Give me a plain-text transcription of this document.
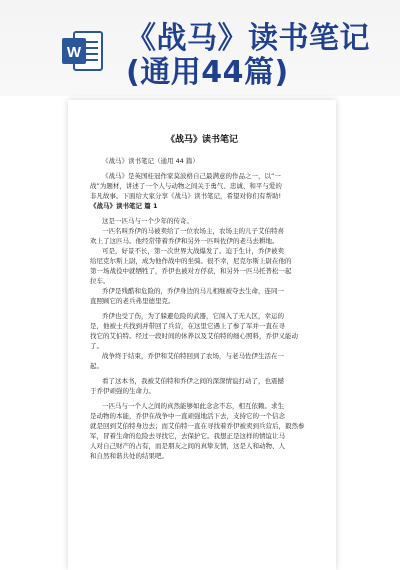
W 《战马》读书笔记
(通用44篇)
《战马》读书笔记
《战马》读书笔记（通用 44 篇）
《战马》是英国桂冠作家莫波格自己最满意的作品之一，以“一
战”为题材，讲述了一个人与动物之间关于勇气、忠诚、和平与爱的
非凡故事。下面给大家分享《战马》读书笔记，希望对你们有帮助!
《战马》读书笔记 篇 1
这是一匹马与一个少年的传奇。
一匹名叫乔伊的马被卖给了一位农场主，农场主的儿子艾伯特喜
欢上了这匹马。他经常带着乔伊和另外一匹叫佐伊的老马去耕地。
可是，好景不长，第一次世界大战爆发了。迫于生计，乔伊被卖
给尼克尔斯上尉，成为他作战中的坐骑。很不幸，尼克尔斯上尉在他的
第一场战役中就牺牲了，乔伊也被对方俘获，和另外一匹马托普松一起
拉车。
乔伊是残酷和危险的，乔伊身边的马儿相继被夺去生命，连同一
直照顾它的老兵弗里德里克。
乔伊也受了伤，为了躲避危险的武器，它闯入了无人区，幸运的
是，他被士兵找到并带回了兵营，在这里它遇上了参了军并一直在寻
找它的艾伯特。经过一段时间的休养以及艾伯特的细心照料，乔伊又能动
了。
战争终于结束，乔伊和艾伯特回到了农场，与老马佐伊生活在一
起。
看了这本书，我被艾伯特和乔伊之间的深深情谊打动了，也震撼
于乔伊顽强的生命力。
一匹马与一个人之间的真然能够如此念念不忘，相互依赖。求生
是动物的本能，乔伊在战争中一直顽强地活下去，支持它的一个信念
就是回到艾伯特身边去；而艾伯特一直在寻找着乔伊被卖到兵营后，毅然参
军，冒着生命的危险去寻找它，去保护它。我想正是这样的情谊让马
人对自己财产的占有，而是朋友之间的真挚友情，这是人和动物、人
和自然和谐共处的结果吧。
